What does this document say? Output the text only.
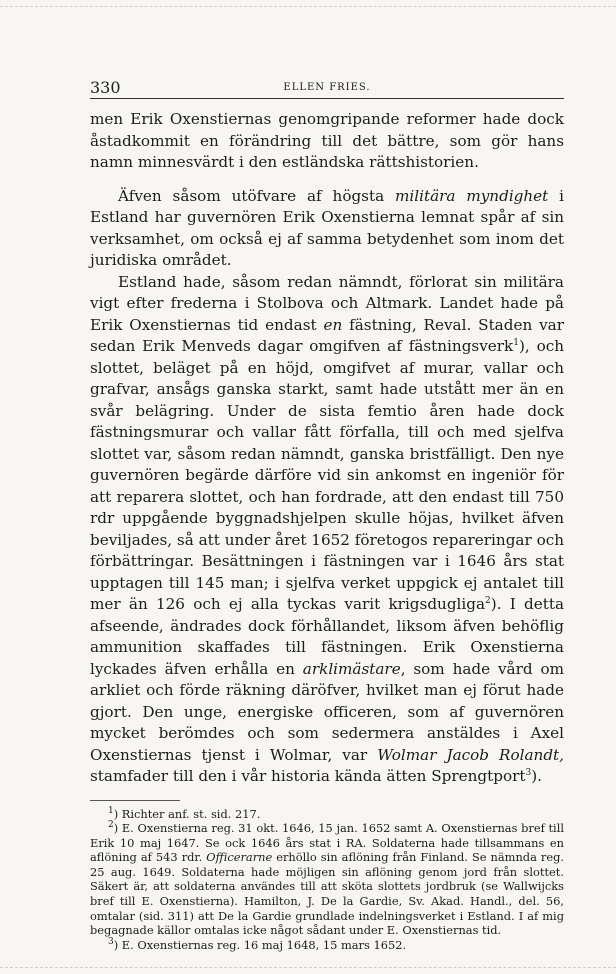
330	ELLEN FRIES.

men Erik Oxenstiernas genomgripande reformer hade dock åstadkommit en förändring till det bättre, som gör hans namn minnesvärdt i den estländska rättshistorien.

Äfven såsom utöfvare af högsta militära myndighet i Estland har guvernören Erik Oxenstierna lemnat spår af sin verksamhet, om också ej af samma betydenhet som inom det juridiska området.

Estland hade, såsom redan nämndt, förlorat sin militära vigt efter frederna i Stolbova och Altmark. Landet hade på Erik Oxenstiernas tid endast en fästning, Reval. Staden var sedan Erik Menveds dagar omgifven af fästningsverk$^1$), och slottet, beläget på en höjd, omgifvet af murar, vallar och grafvar, ansågs ganska starkt, samt hade utstått mer än en svår belägring. Under de sista femtio åren hade dock fästningsmurar och vallar fått förfalla, till och med sjelfva slottet var, såsom redan nämndt, ganska bristfälligt. Den nye guvernören begärde därföre vid sin ankomst en ingeniör för att reparera slottet, och han fordrade, att den endast till 750 rdr uppgående byggnadshjelpen skulle höjas, hvilket äfven beviljades, så att under året 1652 företogos repareringar och förbättringar. Besättningen i fästningen var i 1646 års stat upptagen till 145 man; i sjelfva verket uppgick ej antalet till mer än 126 och ej alla tyckas varit krigsdugliga$^2$). I detta afseende, ändrades dock förhållandet, liksom äfven behöflig ammunition skaffades till fästningen. Erik Oxenstierna lyckades äfven erhålla en arklimästare, som hade vård om arkliet och förde räkning däröfver, hvilket man ej förut hade gjort. Den unge, energiske officeren, som af guvernören mycket berömdes och som sedermera anstäldes i Axel Oxenstiernas tjenst i Wolmar, var Wolmar Jacob Rolandt, stamfader till den i vår historia kända ätten Sprengtport$^3$).

$^1$) Richter anf. st. sid. 217.

$^2$) E. Oxenstierna reg. 31 okt. 1646, 15 jan. 1652 samt A. Oxenstiernas bref till Erik 10 maj 1647. Se ock 1646 års stat i RA. Soldaterna hade tillsammans en aflöning af 543 rdr. Officerarne erhöllo sin aflöning från Finland. Se nämnda reg. 25 aug. 1649. Soldaterna hade möjligen sin aflöning genom jord från slottet. Säkert är, att soldaterna användes till att sköta slottets jordbruk (se Wallwijcks bref till E. Oxenstierna). Hamilton, J. De la Gardie, Sv. Akad. Handl., del. 56, omtalar (sid. 311) att De la Gardie grundlade indelningsverket i Estland. I af mig begagnade källor omtalas icke något sådant under E. Oxenstiernas tid.

$^3$) E. Oxenstiernas reg. 16 maj 1648, 15 mars 1652.
